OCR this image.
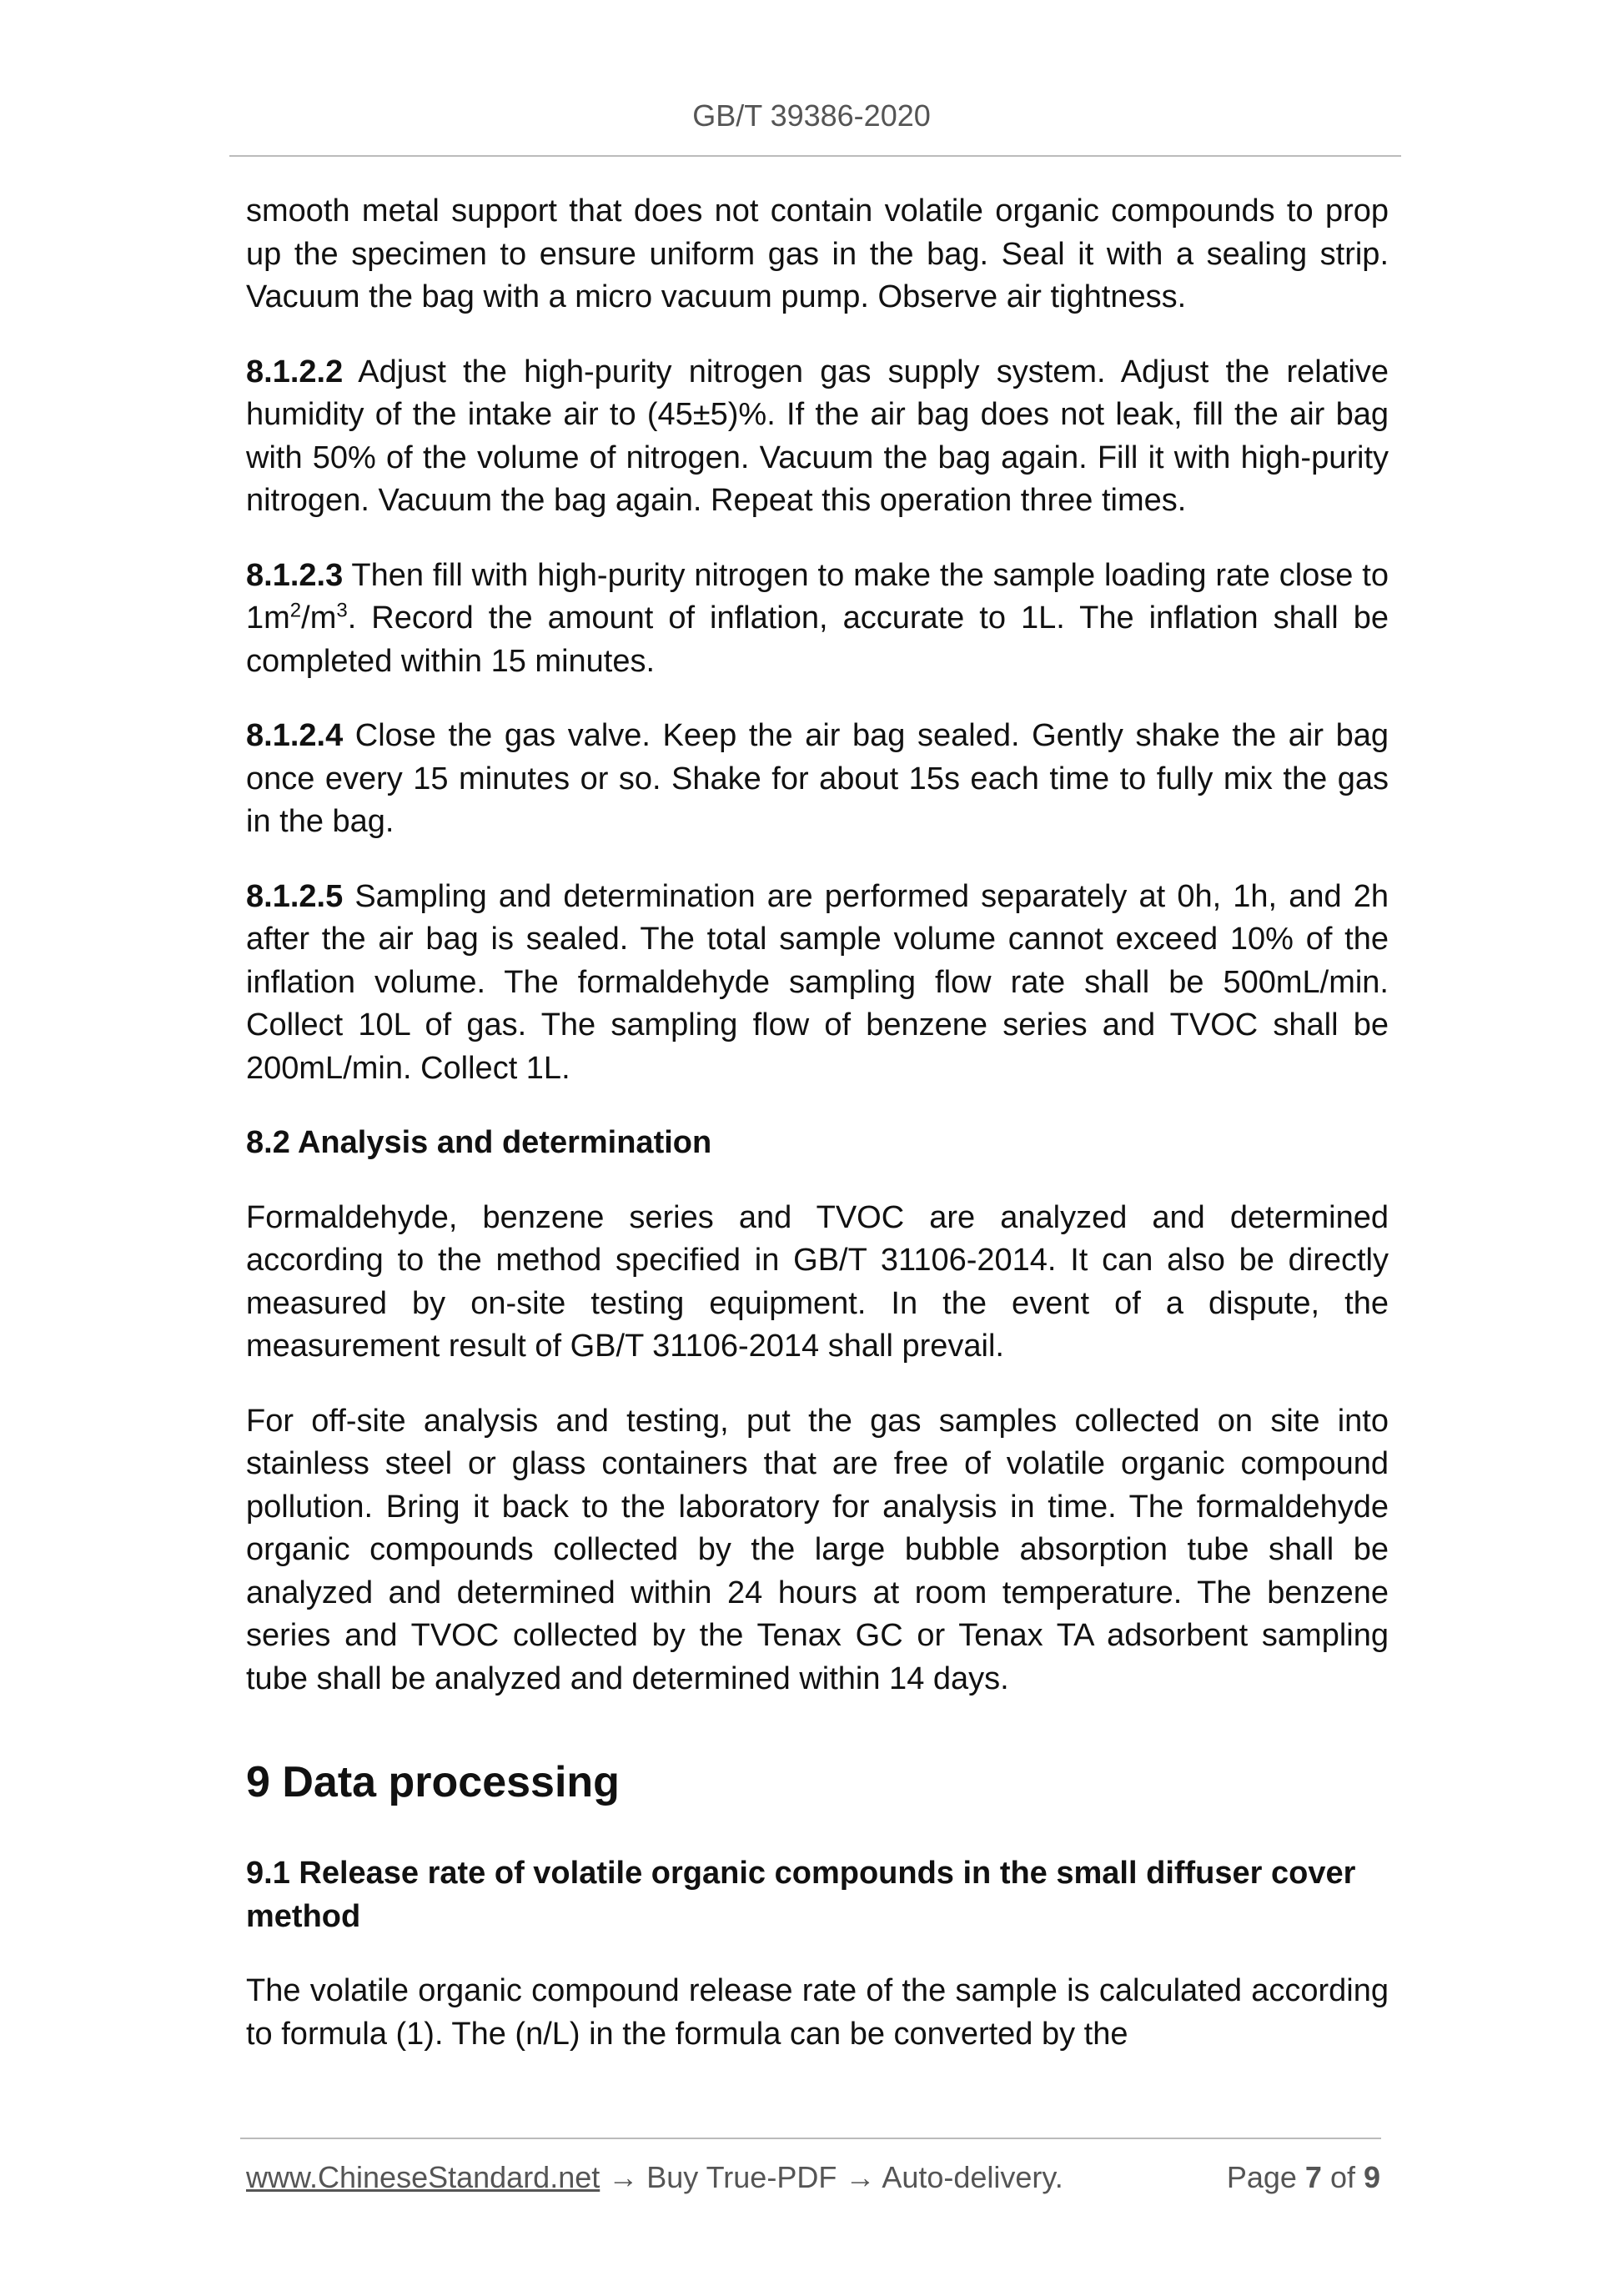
GB/T 39386-2020

smooth metal support that does not contain volatile organic compounds to prop up the specimen to ensure uniform gas in the bag. Seal it with a sealing strip. Vacuum the bag with a micro vacuum pump. Observe air tightness.

8.1.2.2 Adjust the high-purity nitrogen gas supply system. Adjust the relative humidity of the intake air to (45±5)%. If the air bag does not leak, fill the air bag with 50% of the volume of nitrogen. Vacuum the bag again. Fill it with high-purity nitrogen. Vacuum the bag again. Repeat this operation three times.

8.1.2.3 Then fill with high-purity nitrogen to make the sample loading rate close to $1m^2/m^3$. Record the amount of inflation, accurate to 1L. The inflation shall be completed within 15 minutes.

8.1.2.4 Close the gas valve. Keep the air bag sealed. Gently shake the air bag once every 15 minutes or so. Shake for about 15s each time to fully mix the gas in the bag.

8.1.2.5 Sampling and determination are performed separately at 0h, 1h, and 2h after the air bag is sealed. The total sample volume cannot exceed 10% of the inflation volume. The formaldehyde sampling flow rate shall be 500mL/min. Collect 10L of gas. The sampling flow of benzene series and TVOC shall be 200mL/min. Collect 1L.

8.2 Analysis and determination

Formaldehyde, benzene series and TVOC are analyzed and determined according to the method specified in GB/T 31106-2014. It can also be directly measured by on-site testing equipment. In the event of a dispute, the measurement result of GB/T 31106-2014 shall prevail.

For off-site analysis and testing, put the gas samples collected on site into stainless steel or glass containers that are free of volatile organic compound pollution. Bring it back to the laboratory for analysis in time. The formaldehyde organic compounds collected by the large bubble absorption tube shall be analyzed and determined within 24 hours at room temperature. The benzene series and TVOC collected by the Tenax GC or Tenax TA adsorbent sampling tube shall be analyzed and determined within 14 days.

9 Data processing
9.1 Release rate of volatile organic compounds in the small diffuser cover method

The volatile organic compound release rate of the sample is calculated according to formula (1). The (n/L) in the formula can be converted by the

www.ChineseStandard.net → Buy True-PDF → Auto-delivery.	Page 7 of 9
